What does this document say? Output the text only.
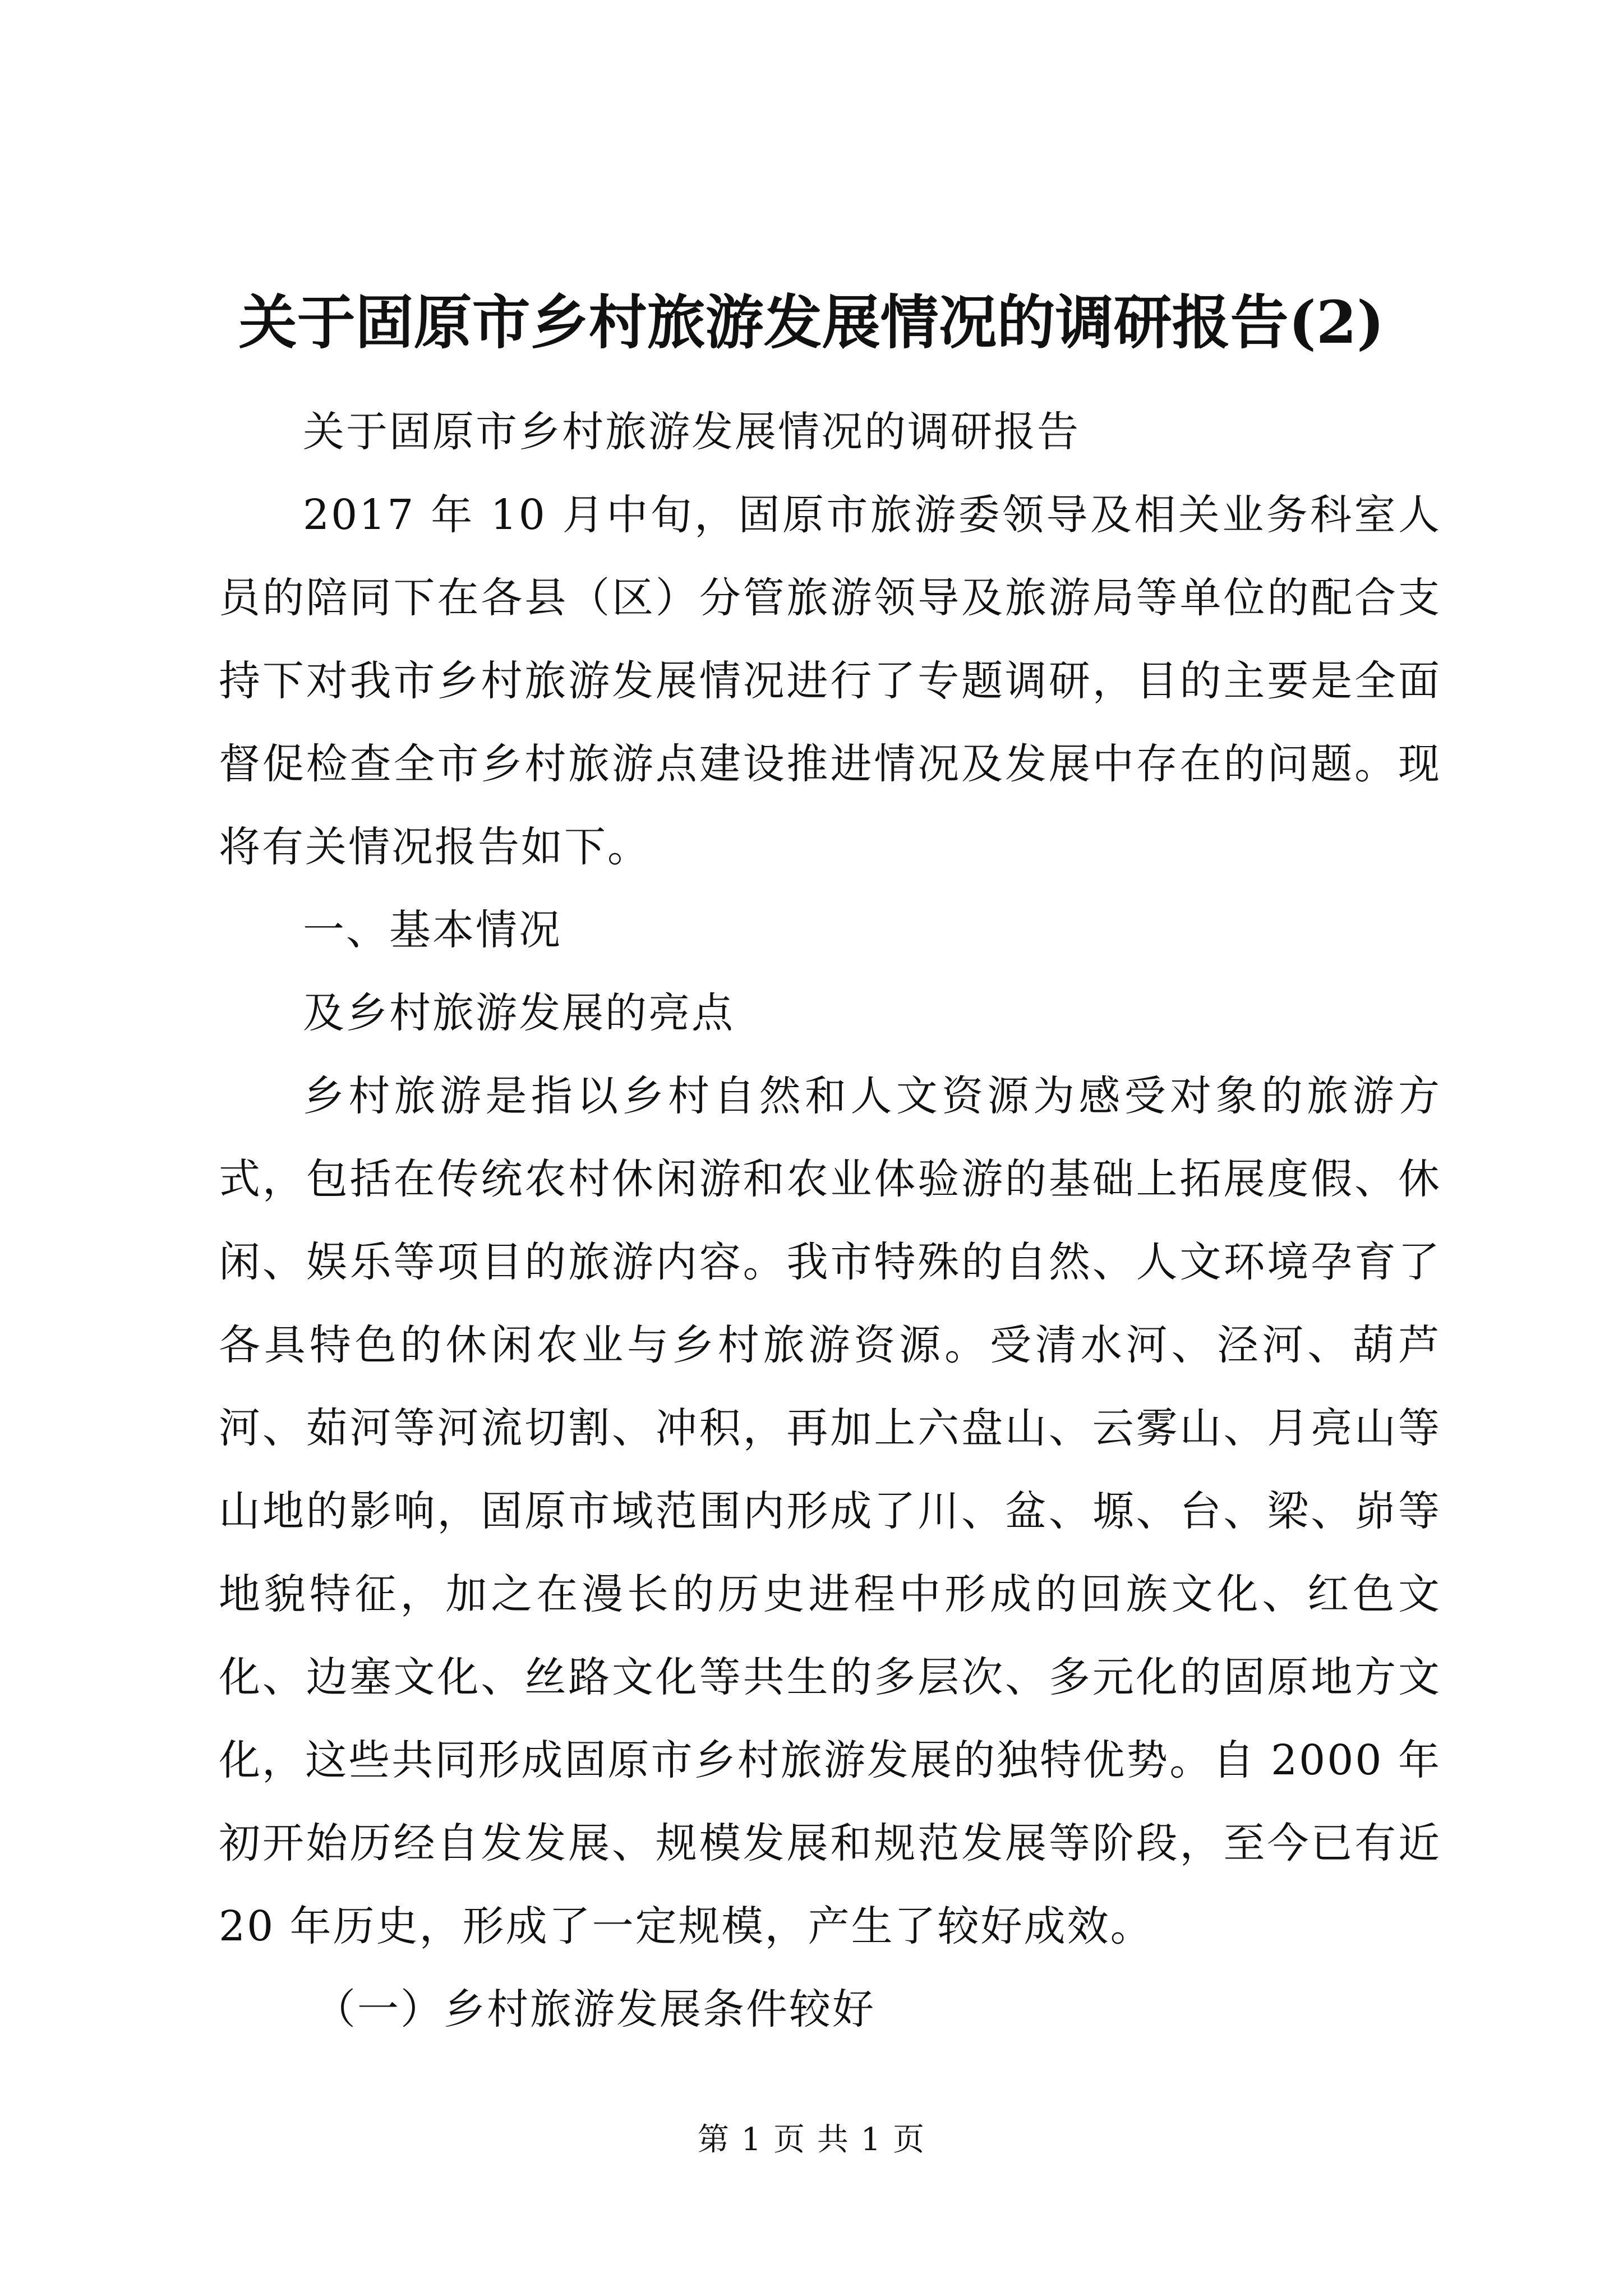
关于固原市乡村旅游发展情况的调研报告(2)

关于固原市乡村旅游发展情况的调研报告

2017 年 10 月中旬，固原市旅游委领导及相关业务科室人员的陪同下在各县（区）分管旅游领导及旅游局等单位的配合支持下对我市乡村旅游发展情况进行了专题调研，目的主要是全面督促检查全市乡村旅游点建设推进情况及发展中存在的问题。现将有关情况报告如下。

一、基本情况

及乡村旅游发展的亮点

乡村旅游是指以乡村自然和人文资源为感受对象的旅游方式，包括在传统农村休闲游和农业体验游的基础上拓展度假、休闲、娱乐等项目的旅游内容。我市特殊的自然、人文环境孕育了各具特色的休闲农业与乡村旅游资源。受清水河、泾河、葫芦河、茹河等河流切割、冲积，再加上六盘山、云雾山、月亮山等山地的影响，固原市域范围内形成了川、盆、塬、台、梁、峁等地貌特征，加之在漫长的历史进程中形成的回族文化、红色文化、边塞文化、丝路文化等共生的多层次、多元化的固原地方文化，这些共同形成固原市乡村旅游发展的独特优势。自 2000 年初开始历经自发发展、规模发展和规范发展等阶段，至今已有近 20 年历史，形成了一定规模，产生了较好成效。

（一）乡村旅游发展条件较好

第 1 页 共 1 页
